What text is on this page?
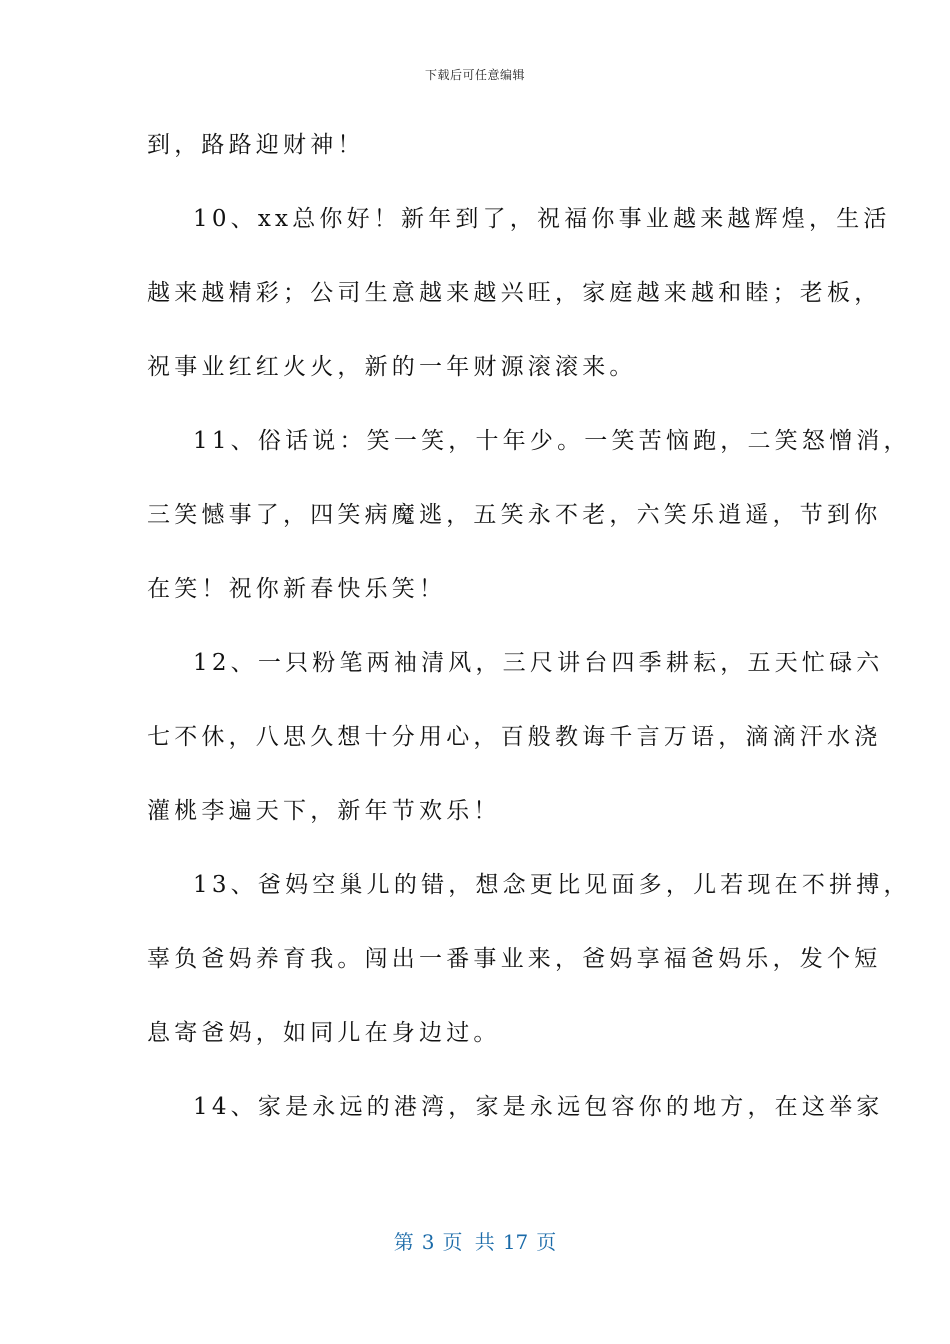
下载后可任意编辑
到，路路迎财神！
10、xx总你好！新年到了，祝福你事业越来越辉煌，生活
越来越精彩；公司生意越来越兴旺，家庭越来越和睦；老板，
祝事业红红火火，新的一年财源滚滚来。
11、俗话说：笑一笑，十年少。一笑苦恼跑，二笑怒憎消，
三笑憾事了，四笑病魔逃，五笑永不老，六笑乐逍遥，节到你
在笑！祝你新春快乐笑！
12、一只粉笔两袖清风，三尺讲台四季耕耘，五天忙碌六
七不休，八思久想十分用心，百般教诲千言万语，滴滴汗水浇
灌桃李遍天下，新年节欢乐！
13、爸妈空巢儿的错，想念更比见面多，儿若现在不拼搏，
辜负爸妈养育我。闯出一番事业来，爸妈享福爸妈乐，发个短
息寄爸妈，如同儿在身边过。
14、家是永远的港湾，家是永远包容你的地方，在这举家
第 3 页 共 17 页
